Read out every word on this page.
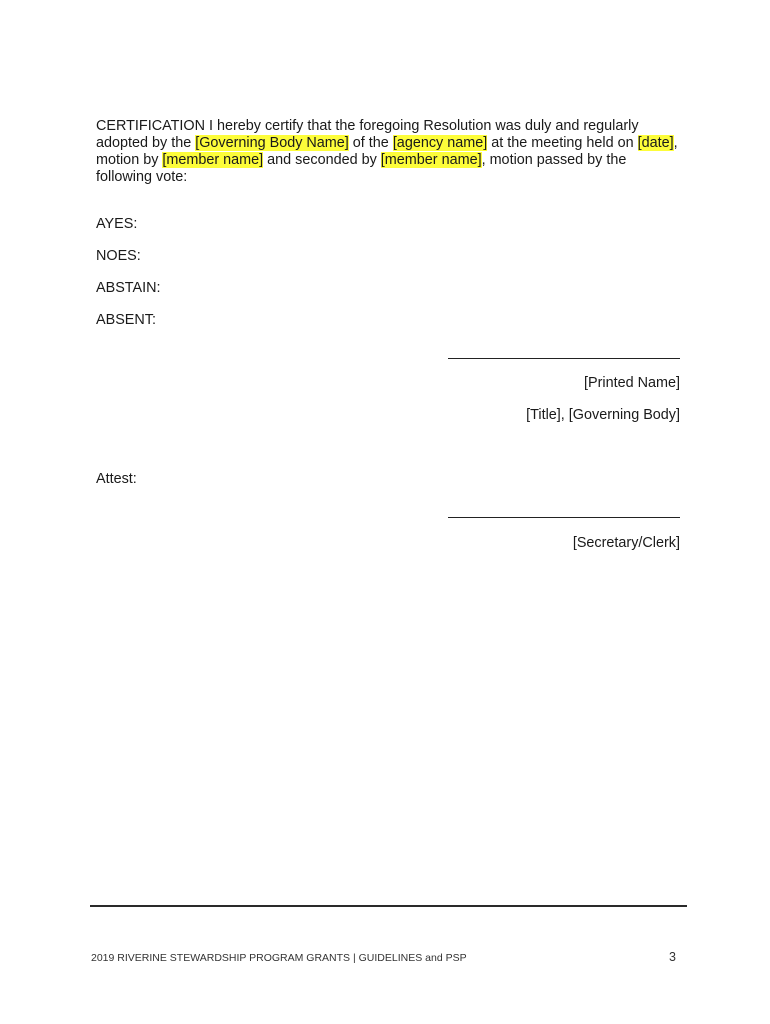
CERTIFICATION I hereby certify that the foregoing Resolution was duly and regularly adopted by the [Governing Body Name] of the [agency name] at the meeting held on [date], motion by [member name] and seconded by [member name], motion passed by the following vote:

AYES:
NOES:
ABSTAIN:
ABSENT:
[Printed Name]
[Title], [Governing Body]
Attest:
[Secretary/Clerk]
2019 RIVERINE STEWARDSHIP PROGRAM GRANTS | GUIDELINES and PSP	3
